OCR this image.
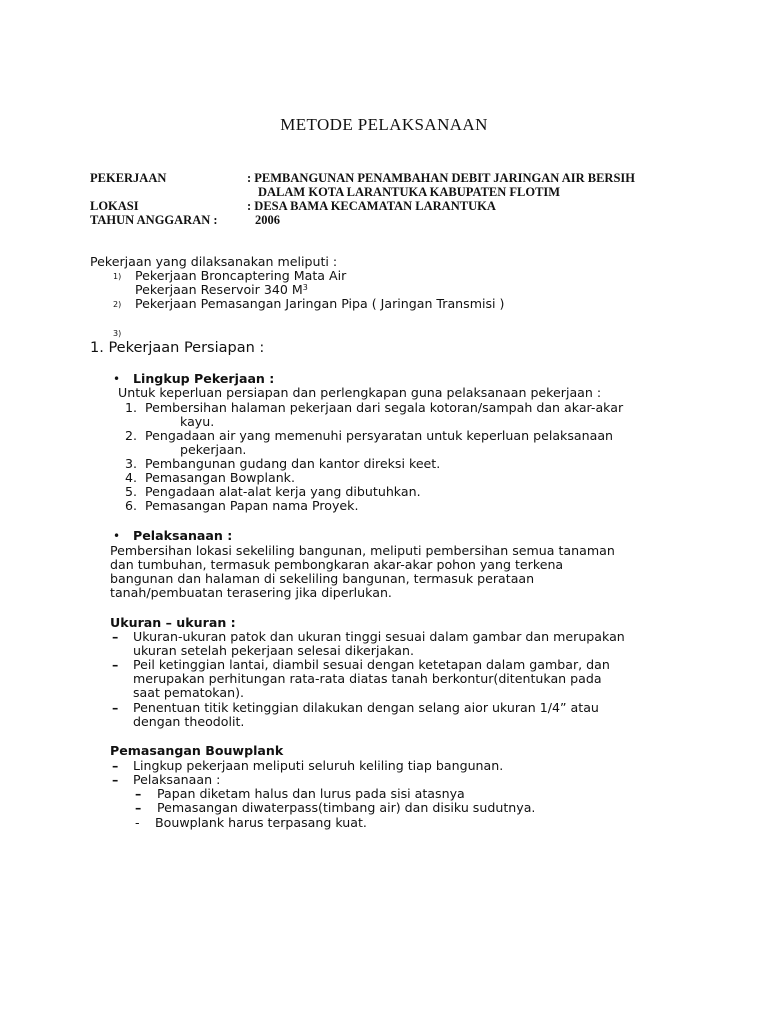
METODE PELAKSANAAN
PEKERJAAN	: PEMBANGUNAN PENAMBAHAN DEBIT JARINGAN AIR BERSIH
DALAM KOTA LARANTUKA KABUPATEN FLOTIM
LOKASI	: DESA BAMA KECAMATAN LARANTUKA
TAHUN ANGGARAN :	2006
Pekerjaan yang dilaksanakan meliputi :
1)	Pekerjaan Broncaptering Mata Air
2)
Pekerjaan Reservoir 340 $M^3$
3)
Pekerjaan Pemasangan Jaringan Pipa ( Jaringan Transmisi )
1. Pekerjaan Persiapan :
• Lingkup Pekerjaan :
Untuk keperluan persiapan dan perlengkapan guna pelaksanaan pekerjaan :
1. Pembersihan halaman pekerjaan dari segala kotoran/sampah dan akar-akar
kayu.
2. Pengadaan air yang memenuhi persyaratan untuk keperluan pelaksanaan
pekerjaan.
3. Pembangunan gudang dan kantor direksi keet.
4. Pemasangan Bowplank.
5. Pengadaan alat-alat kerja yang dibutuhkan.
6. Pemasangan Papan nama Proyek.
• Pelaksanaan :
Pembersihan lokasi sekeliling bangunan, meliputi pembersihan semua tanaman
dan tumbuhan, termasuk pembongkaran akar-akar pohon yang terkena
bangunan dan halaman di sekeliling bangunan, termasuk perataan
tanah/pembuatan terasering jika diperlukan.
Ukuran – ukuran :
– Ukuran-ukuran patok dan ukuran tinggi sesuai dalam gambar dan merupakan
ukuran setelah pekerjaan selesai dikerjakan.
– Peil ketinggian lantai, diambil sesuai dengan ketetapan dalam gambar, dan
merupakan perhitungan rata-rata diatas tanah berkontur(ditentukan pada
saat pematokan).
– Penentuan titik ketinggian dilakukan dengan selang aior ukuran 1/4” atau
dengan theodolit.
Pemasangan Bouwplank
– Lingkup pekerjaan meliputi seluruh keliling tiap bangunan.
– Pelaksanaan :
– Papan diketam halus dan lurus pada sisi atasnya
– Pemasangan diwaterpass(timbang air) dan disiku sudutnya.
- Bouwplank harus terpasang kuat.
